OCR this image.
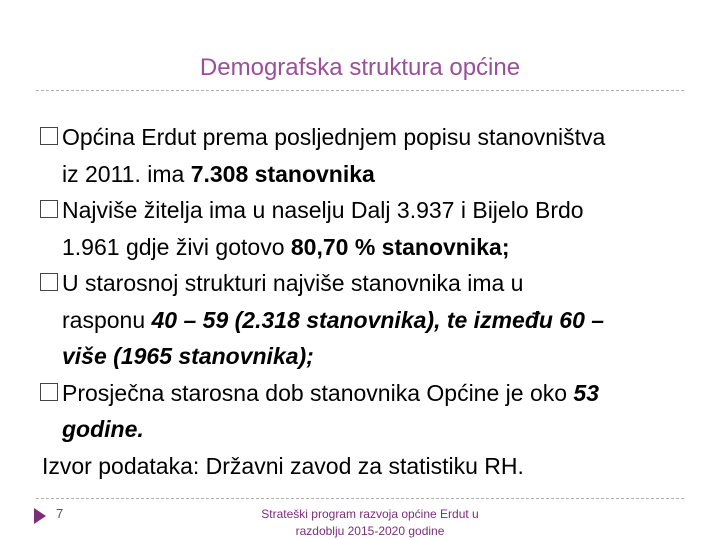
Demografska struktura općine
Općina Erdut prema posljednjem popisu stanovništva
iz 2011. ima 7.308 stanovnika
Najviše žitelja ima u naselju Dalj 3.937 i Bijelo Brdo
1.961 gdje živi gotovo 80,70 % stanovnika;
U starosnoj strukturi najviše stanovnika ima u
rasponu 40 – 59 (2.318 stanovnika), te između 60 –
više (1965 stanovnika);
Prosječna starosna dob stanovnika Općine je oko 53
godine.
Izvor podataka: Državni zavod za statistiku RH.
7	Strateški program razvoja općine Erdut u
razdoblju 2015-2020 godine
